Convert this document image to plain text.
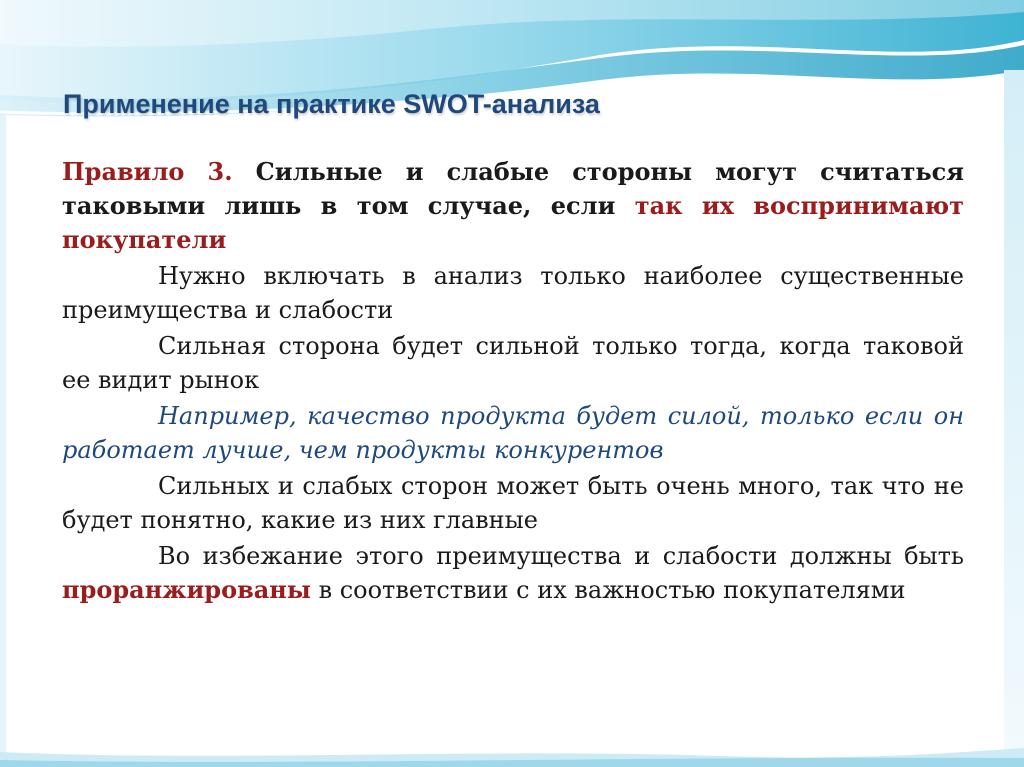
Применение на практике SWOT-анализа

Правило 3. Сильные и слабые стороны могут считаться таковыми лишь в том случае, если так их воспринимают покупатели

Нужно включать в анализ только наиболее существенные преимущества и слабости

Сильная сторона будет сильной только тогда, когда таковой ее видит рынок

Например, качество продукта будет силой, только если он работает лучше, чем продукты конкурентов

Сильных и слабых сторон может быть очень много, так что не будет понятно, какие из них главные

Во избежание этого преимущества и слабости должны быть проранжированы в соответствии с их важностью покупателями
